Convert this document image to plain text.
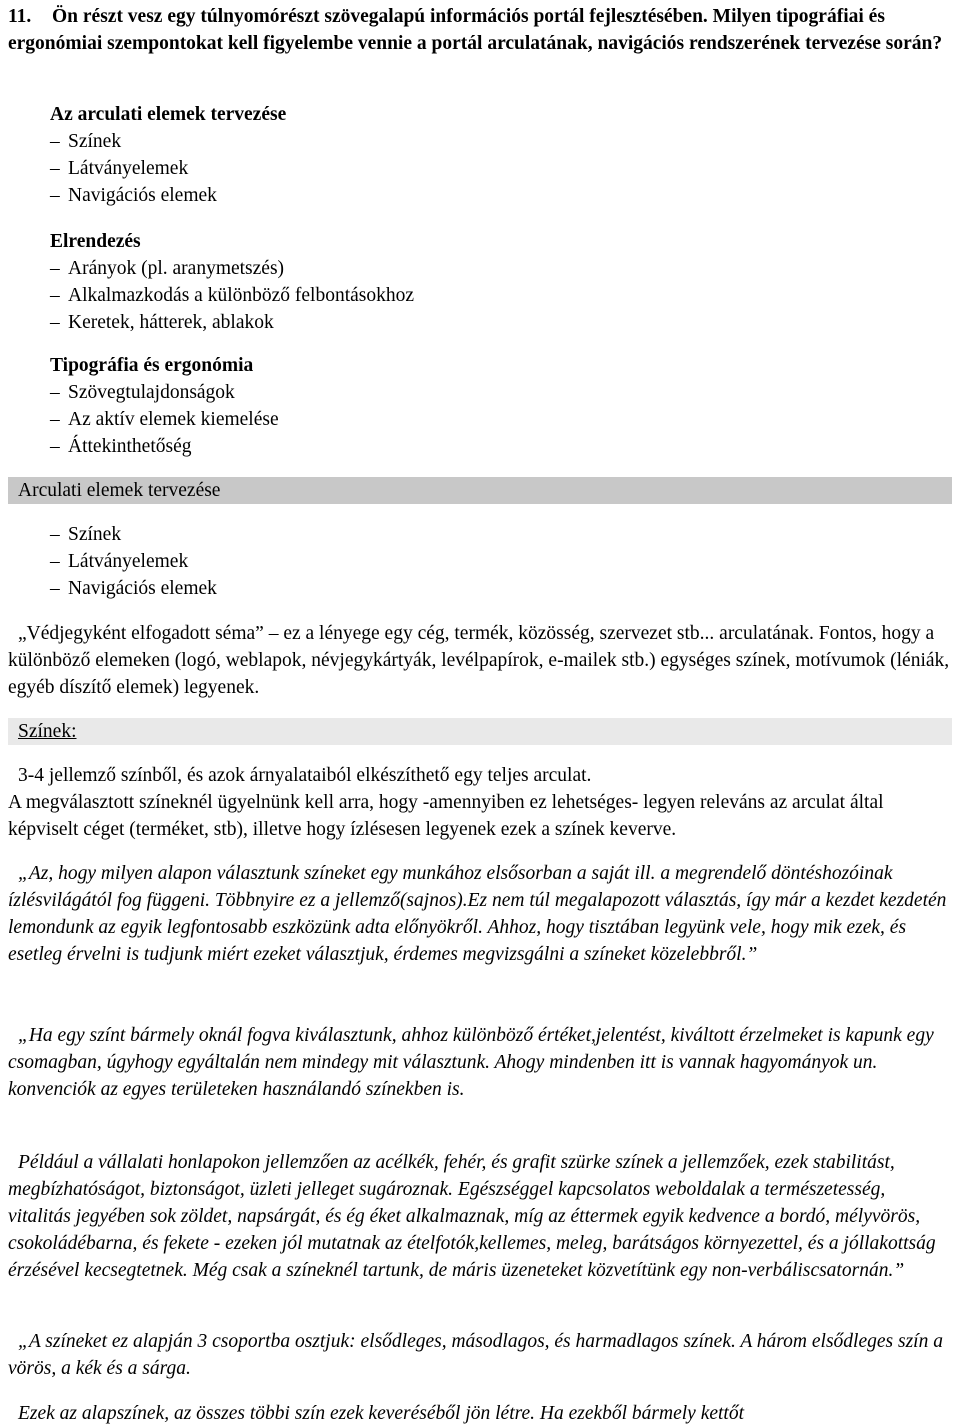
11. Ön részt vesz egy túlnyomórészt szövegalapú információs portál fejlesztésében. Milyen tipográfiai és ergonómiai szempontokat kell figyelembe vennie a portál arculatának, navigációs rendszerének tervezése során?
Az arculati elemek tervezése
– Színek
– Látványelemek
– Navigációs elemek
Elrendezés
– Arányok (pl. aranymetszés)
– Alkalmazkodás a különböző felbontásokhoz
– Keretek, hátterek, ablakok
Tipográfia és ergonómia
– Szövegtulajdonságok
– Az aktív elemek kiemelése
– Áttekinthetőség
Arculati elemek tervezése
– Színek
– Látványelemek
– Navigációs elemek
„Védjegyként elfogadott séma” – ez a lényege egy cég, termék, közösség, szervezet stb... arculatának. Fontos, hogy a különböző elemeken (logó, weblapok, névjegykártyák, levélpapírok, e-mailek stb.) egységes színek, motívumok (léniák, egyéb díszítő elemek) legyenek.
Színek:
3-4 jellemző színből, és azok árnyalataiból elkészíthető egy teljes arculat.
A megválasztott színeknél ügyelnünk kell arra, hogy -amennyiben ez lehetséges- legyen releváns az arculat által képviselt céget (terméket, stb), illetve hogy ízlésesen legyenek ezek a színek keverve.
„Az, hogy milyen alapon választunk színeket egy munkához elsősorban a saját ill. a megrendelő döntéshozóinak ízlésvilágától fog függeni. Többnyire ez a jellemző(sajnos).Ez nem túl megalapozott választás, így már a kezdet kezdetén lemondunk az egyik legfontosabb eszközünk adta előnyökről. Ahhoz, hogy tisztában legyünk vele, hogy mik ezek, és esetleg érvelni is tudjunk miért ezeket választjuk, érdemes megvizsgálni a színeket közelebbről.”
„Ha egy színt bármely oknál fogva kiválasztunk, ahhoz különböző értéket,jelentést, kiváltott érzelmeket is kapunk egy csomagban, úgyhogy egyáltalán nem mindegy mit választunk. Ahogy mindenben itt is vannak hagyományok un. konvenciók az egyes területeken használandó színekben is.
Például a vállalati honlapokon jellemzően az acélkék, fehér, és grafit szürke színek a jellemzőek, ezek stabilitást, megbízhatóságot, biztonságot, üzleti jelleget sugároznak. Egészséggel kapcsolatos weboldalak a természetesség, vitalitás jegyében sok zöldet, napsárgát, és ég éket alkalmaznak, míg az éttermek egyik kedvence a bordó, mélyvörös, csokoládébarna, és fekete - ezeken jól mutatnak az ételfotók,kellemes, meleg, barátságos környezettel, és a jóllakottság érzésével kecsegtetnek. Még csak a színeknél tartunk, de máris üzeneteket közvetítünk egy non-verbáliscsatornán.”
„A színeket ez alapján 3 csoportba osztjuk: elsődleges, másodlagos, és harmadlagos színek. A három elsődleges szín a vörös, a kék és a sárga.
Ezek az alapszínek, az összes többi szín ezek keveréséből jön létre. Ha ezekből bármely kettőt
